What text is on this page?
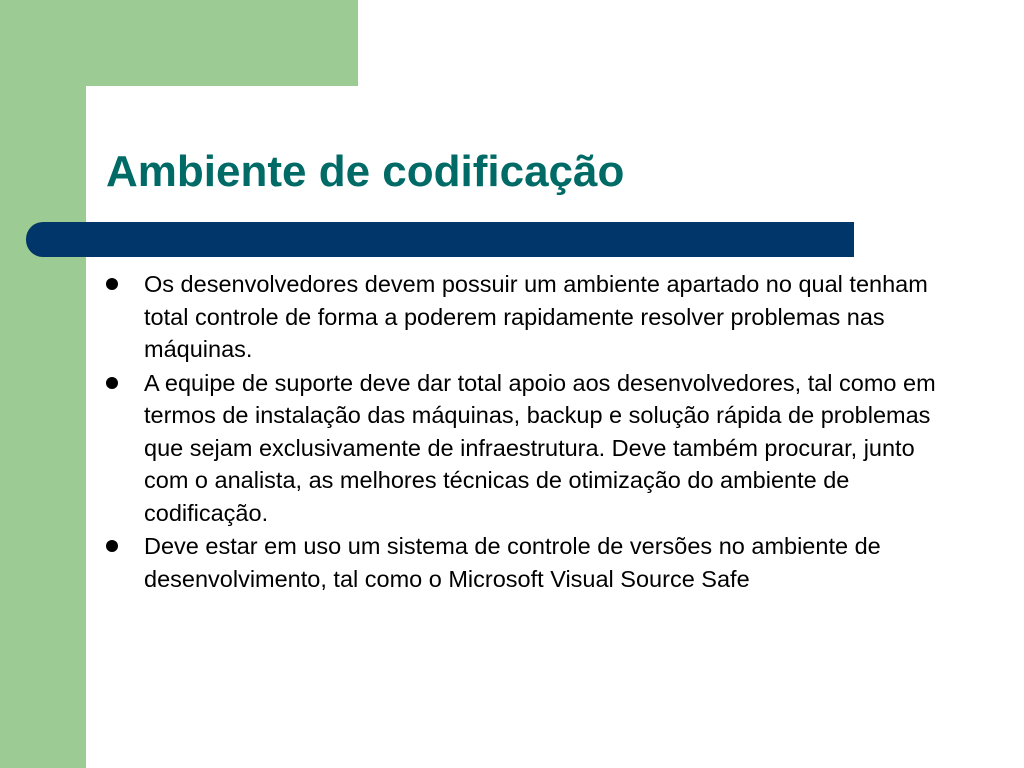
Ambiente de codificação
Os desenvolvedores devem possuir um ambiente apartado no qual tenham total controle de forma a poderem rapidamente resolver problemas nas máquinas.
A equipe de suporte deve dar total apoio aos desenvolvedores, tal como em termos de instalação das máquinas, backup e solução rápida de problemas que sejam exclusivamente de infraestrutura. Deve também procurar, junto com o analista, as melhores técnicas de otimização do ambiente de codificação.
Deve estar em uso um sistema de controle de versões no ambiente de desenvolvimento, tal como o Microsoft Visual Source Safe
